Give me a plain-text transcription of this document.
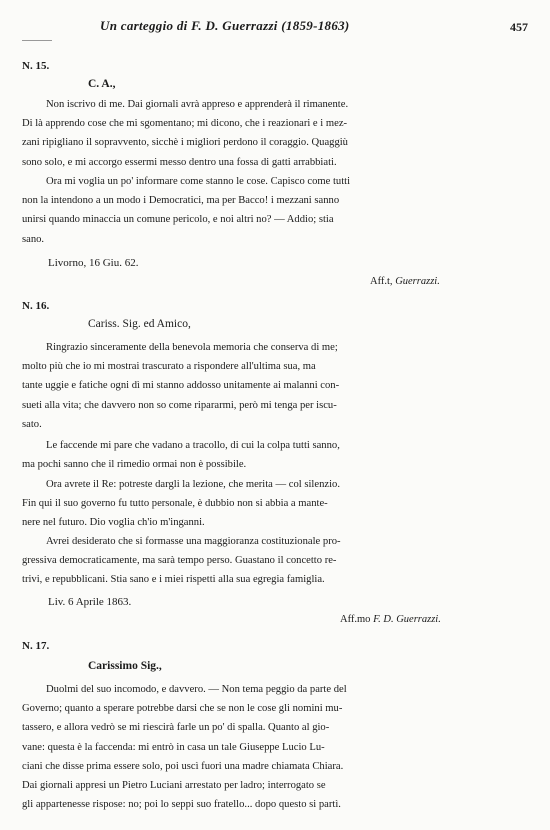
Un carteggio di F. D. Guerrazzi (1859-1863)	457
N. 15.
C. A.,
Non iscrivo di me. Dai giornali avrà appreso e apprenderà il rimanente.
Di là apprendo cose che mi sgomentano; mi dicono, che i reazionari e i mez-
zani ripigliano il sopravvento, sicchè i migliori perdono il coraggio. Quaggiù
sono solo, e mi accorgo essermi messo dentro una fossa di gatti arrabbiati.
Ora mi voglia un po' informare come stanno le cose. Capisco come tutti
non la intendono a un modo i Democratici, ma per Bacco! i mezzani sanno
unirsi quando minaccia un comune pericolo, e noi altri no? — Addio; stia
sano.
Livorno, 16 Giu. 62.
Aff.t, Guerrazzi.
N. 16.
Cariss. Sig. ed Amico,
Ringrazio sinceramente della benevola memoria che conserva di me;
molto più che io mi mostrai trascurato a rispondere all'ultima sua, ma
tante uggie e fatiche ogni dì mi stanno addosso unitamente ai malanni con-
sueti alla vita; che davvero non so come ripararmi, però mi tenga per iscu-
sato.
Le faccende mi pare che vadano a tracollo, di cui la colpa tutti sanno,
ma pochi sanno che il rimedio ormai non è possibile.
Ora avrete il Re: potreste dargli la lezione, che merita — col silenzio.
Fin qui il suo governo fu tutto personale, è dubbio non si abbia a mante-
nere nel futuro. Dio voglia ch'io m'inganni.
Avrei desiderato che si formasse una maggioranza costituzionale pro-
gressiva democraticamente, ma sarà tempo perso. Guastano il concetto re-
trivi, e repubblicani. Stia sano e i miei rispetti alla sua egregia famiglia.
Liv. 6 Aprile 1863.
Aff.mo F. D. Guerrazzi.
N. 17.
Carissimo Sig.,
Duolmi del suo incomodo, e davvero. — Non tema peggio da parte del
Governo; quanto a sperare potrebbe darsi che se non le cose gli nomini mu-
tassero, e allora vedrò se mi riescirà farle un po' di spalla. Quanto al gio-
vane: questa è la faccenda: mi entrò in casa un tale Giuseppe Lucio Lu-
ciani che disse prima essere solo, poi uscì fuori una madre chiamata Chiara.
Dai giornali appresi un Pietro Luciani arrestato per ladro; interrogato se
gli appartenesse rispose: no; poi lo seppi suo fratello... dopo questo si partì.
